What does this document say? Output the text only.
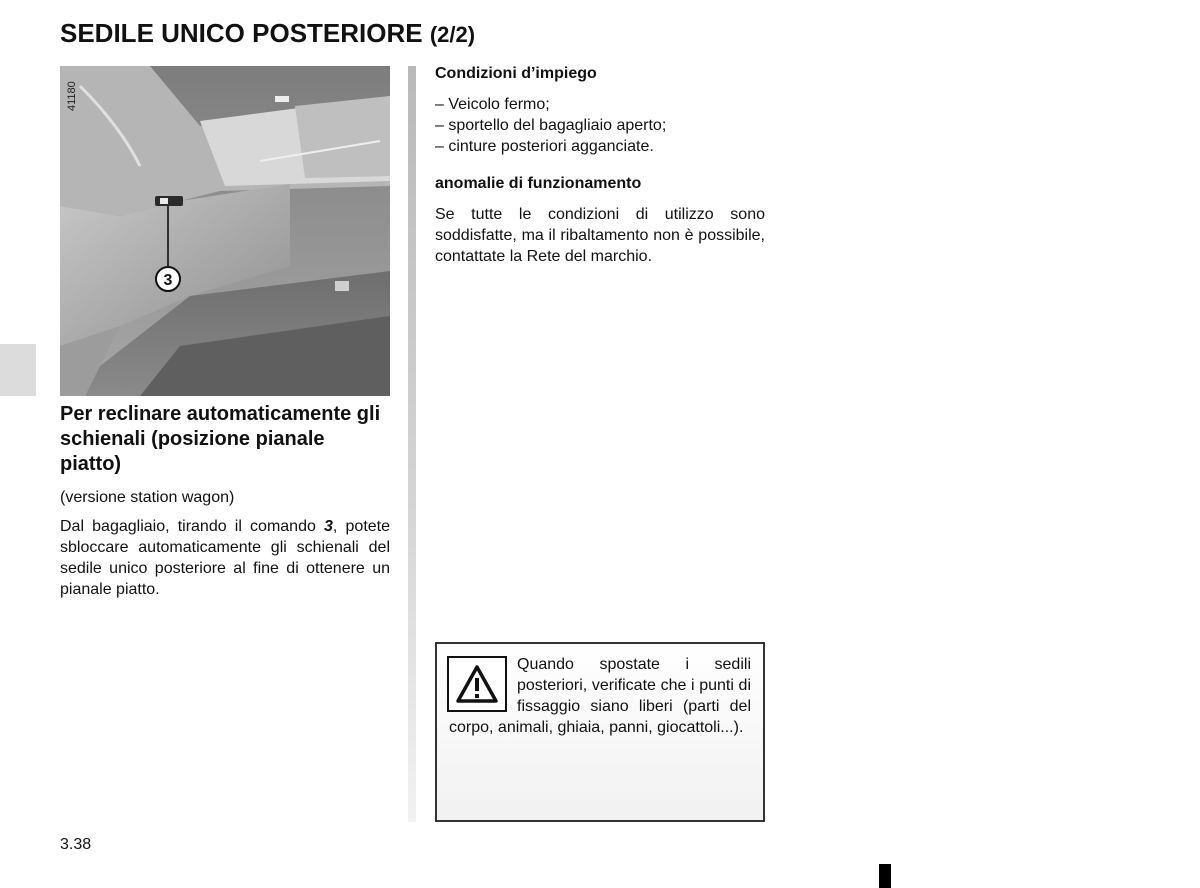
SEDILE UNICO POSTERIORE (2/2)
3
41180
Per reclinare automaticamente gli schienali (posizione pianale piatto)

(versione station wagon)

Dal bagagliaio, tirando il comando 3, potete sbloccare automaticamente gli schienali del sedile unico posteriore al fine di ottenere un pianale piatto.

Condizioni d’impiego
– Veicolo fermo;
– sportello del bagagliaio aperto;
– cinture posteriori agganciate.
anomalie di funzionamento

Se tutte le condizioni di utilizzo sono soddisfatte, ma il ribaltamento non è possibile, contattate la Rete del marchio.

Quando spostate i sedili posteriori, verificate che i punti di fissaggio siano liberi (parti del corpo, animali, ghiaia, panni, giocattoli...).
3.38
